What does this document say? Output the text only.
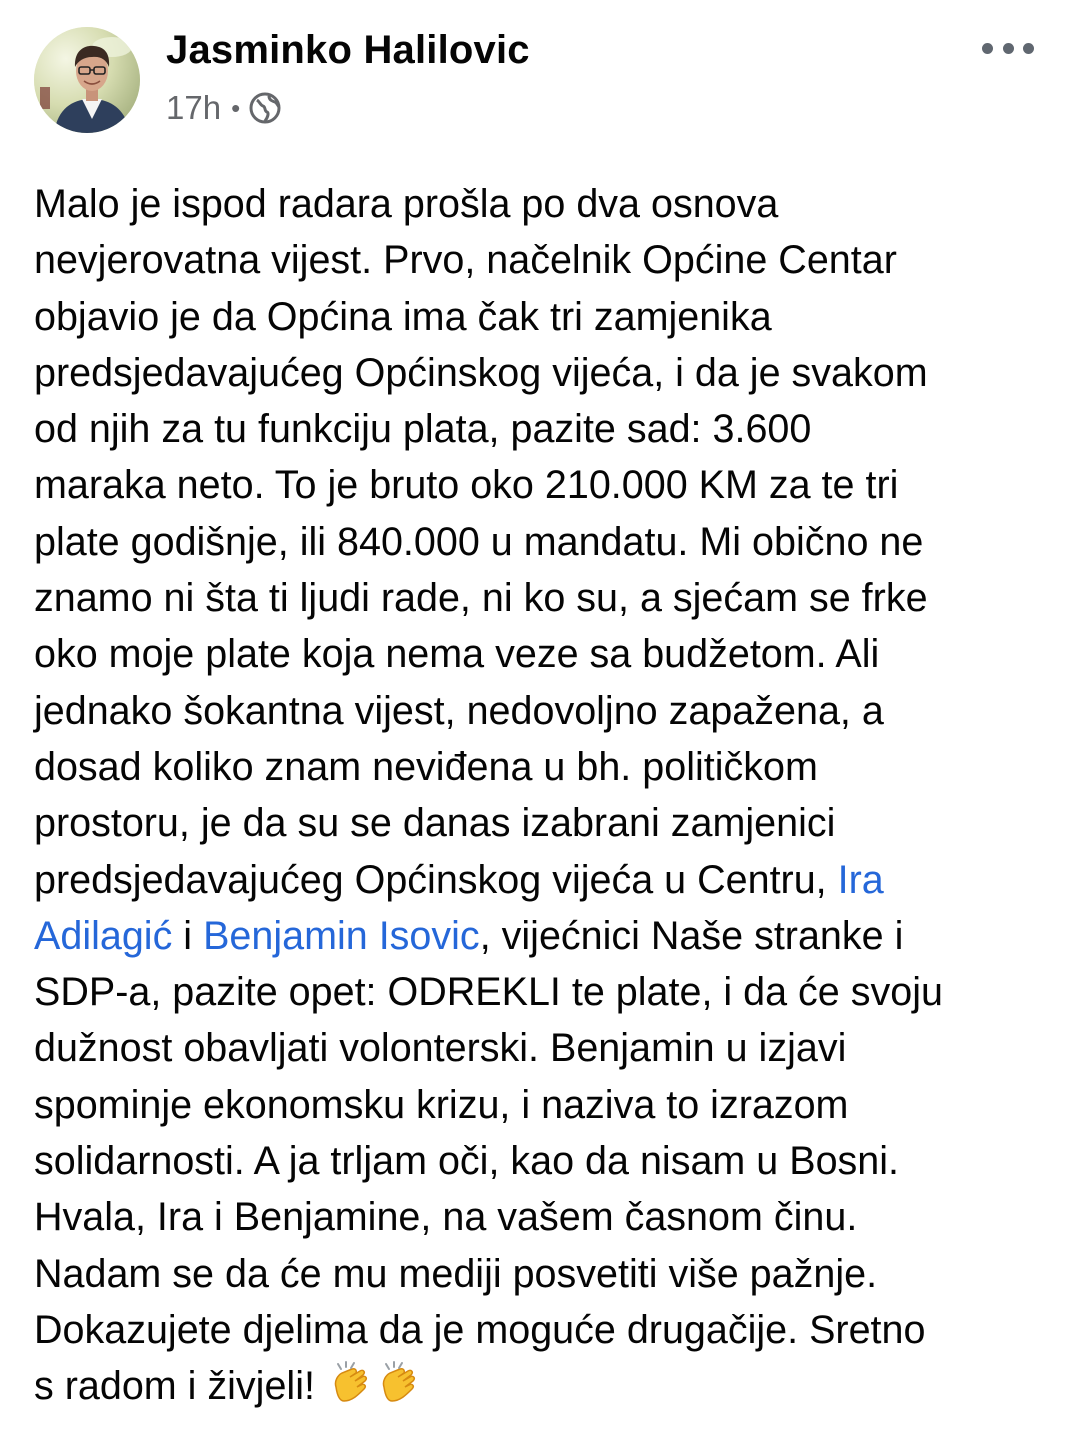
Jasminko Halilovic
17h •
Malo je ispod radara prošla po dva osnova
nevjerovatna vijest. Prvo, načelnik Općine Centar
objavio je da Općina ima čak tri zamjenika
predsjedavajućeg Općinskog vijeća, i da je svakom
od njih za tu funkciju plata, pazite sad: 3.600
maraka neto. To je bruto oko 210.000 KM za te tri
plate godišnje, ili 840.000 u mandatu. Mi obično ne
znamo ni šta ti ljudi rade, ni ko su, a sjećam se frke
oko moje plate koja nema veze sa budžetom. Ali
jednako šokantna vijest, nedovoljno zapažena, a
dosad koliko znam neviđena u bh. političkom
prostoru, je da su se danas izabrani zamjenici
predsjedavajućeg Općinskog vijeća u Centru, Ira
Adilagić i Benjamin Isovic, vijećnici Naše stranke i
SDP-a, pazite opet: ODREKLI te plate, i da će svoju
dužnost obavljati volonterski. Benjamin u izjavi
spominje ekonomsku krizu, i naziva to izrazom
solidarnosti. A ja trljam oči, kao da nisam u Bosni.
Hvala, Ira i Benjamine, na vašem časnom činu.
Nadam se da će mu mediji posvetiti više pažnje.
Dokazujete djelima da je moguće drugačije. Sretno
s radom i živjeli!
